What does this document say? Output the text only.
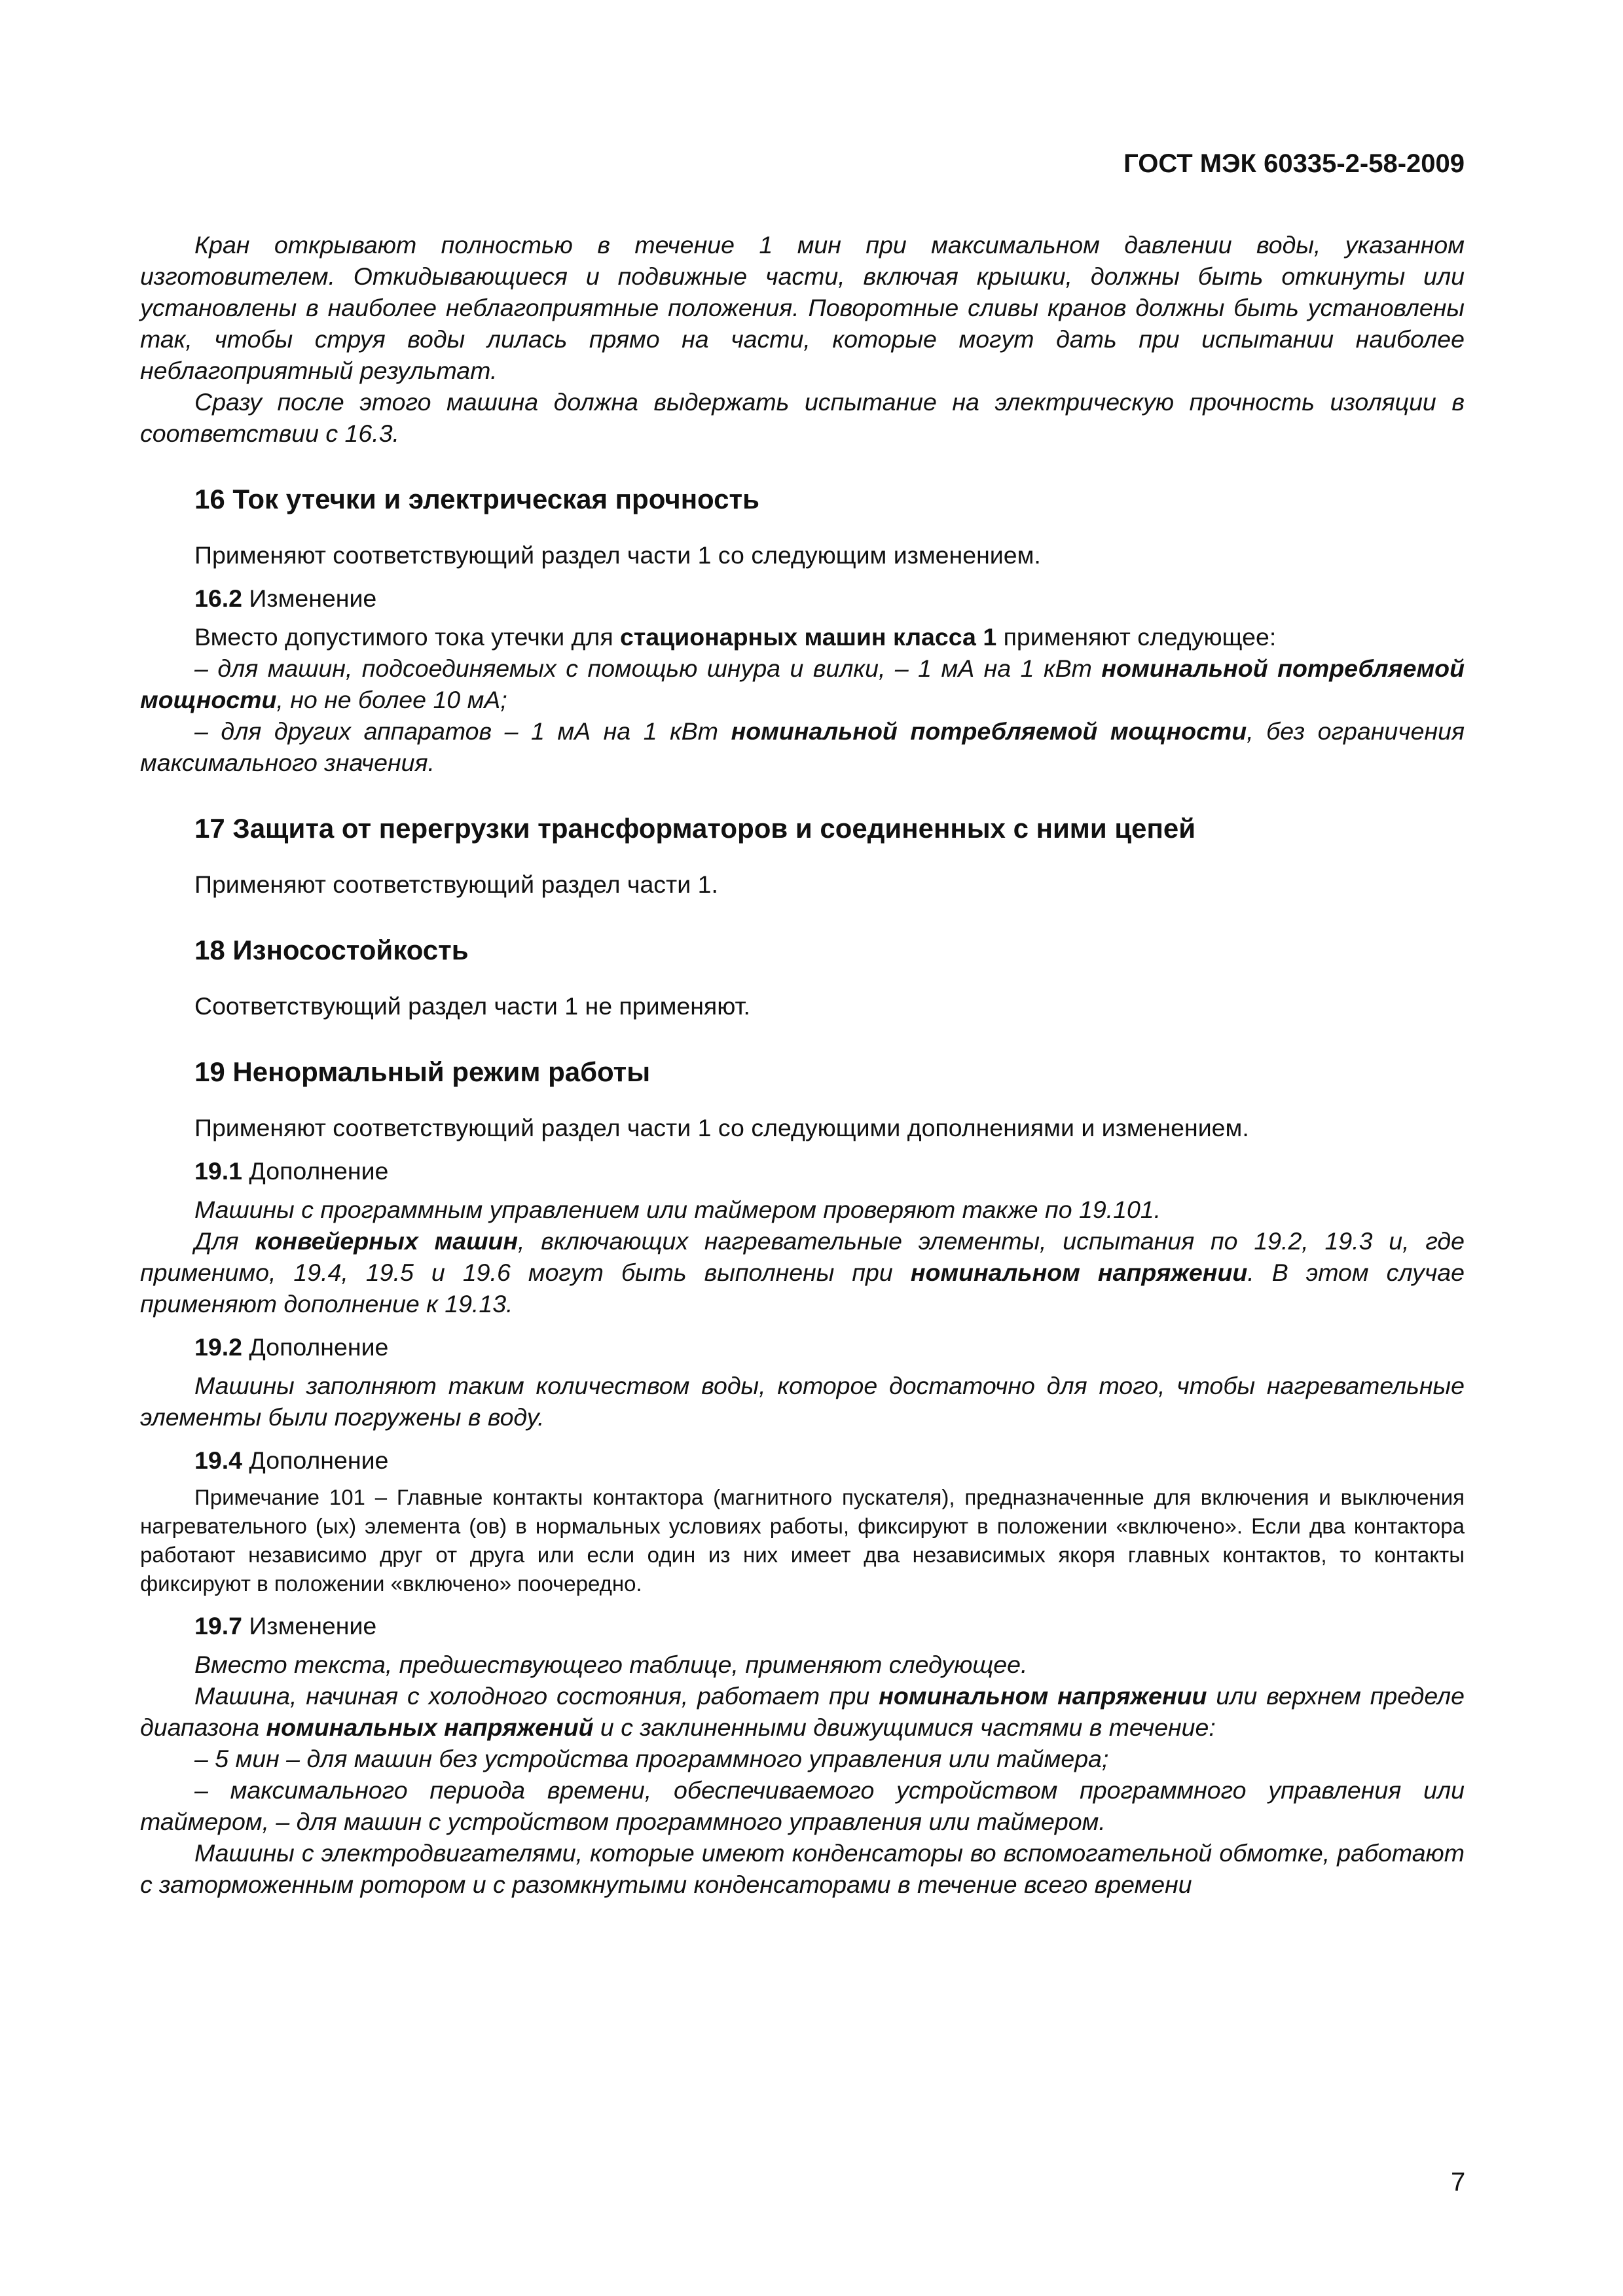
ГОСТ МЭК 60335-2-58-2009

Кран открывают полностью в течение 1 мин при максимальном давлении воды, указанном изготовителем. Откидывающиеся и подвижные части, включая крышки, должны быть откинуты или установлены в наиболее неблагоприятные положения. Поворотные сливы кранов должны быть установлены так, чтобы струя воды лилась прямо на части, которые могут дать при испытании наиболее неблагоприятный результат.

Сразу после этого машина должна выдержать испытание на электрическую прочность изоляции в соответствии с 16.3.

16 Ток утечки и электрическая прочность

Применяют соответствующий раздел части 1 со следующим изменением.

16.2 Изменение

Вместо допустимого тока утечки для стационарных машин класса 1 применяют следующее:

– для машин, подсоединяемых с помощью шнура и вилки, – 1 мА на 1 кВт номинальной потребляемой мощности, но не более 10 мА;

– для других аппаратов – 1 мА на 1 кВт номинальной потребляемой мощности, без ограничения максимального значения.

17 Защита от перегрузки трансформаторов и соединенных с ними цепей

Применяют соответствующий раздел части 1.

18 Износостойкость

Соответствующий раздел части 1 не применяют.

19 Ненормальный режим работы

Применяют соответствующий раздел части 1 со следующими дополнениями и изменением.

19.1 Дополнение

Машины с программным управлением или таймером проверяют также по 19.101.

Для конвейерных машин, включающих нагревательные элементы, испытания по 19.2, 19.3 и, где применимо, 19.4, 19.5 и 19.6 могут быть выполнены при номинальном напряжении. В этом случае применяют дополнение к 19.13.

19.2 Дополнение

Машины заполняют таким количеством воды, которое достаточно для того, чтобы нагревательные элементы были погружены в воду.

19.4 Дополнение

Примечание 101 – Главные контакты контактора (магнитного пускателя), предназначенные для включения и выключения нагревательного (ых) элемента (ов) в нормальных условиях работы, фиксируют в положении «включено». Если два контактора работают независимо друг от друга или если один из них имеет два независимых якоря главных контактов, то контакты фиксируют в положении «включено» поочередно.

19.7 Изменение

Вместо текста, предшествующего таблице, применяют следующее.

Машина, начиная с холодного состояния, работает при номинальном напряжении или верхнем пределе диапазона номинальных напряжений и с заклиненными движущимися частями в течение:

– 5 мин – для машин без устройства программного управления или таймера;

– максимального периода времени, обеспечиваемого устройством программного управления или таймером, – для машин с устройством программного управления или таймером.

Машины с электродвигателями, которые имеют конденсаторы во вспомогательной обмотке, работают с заторможенным ротором и с разомкнутыми конденсаторами в течение всего времени

7
